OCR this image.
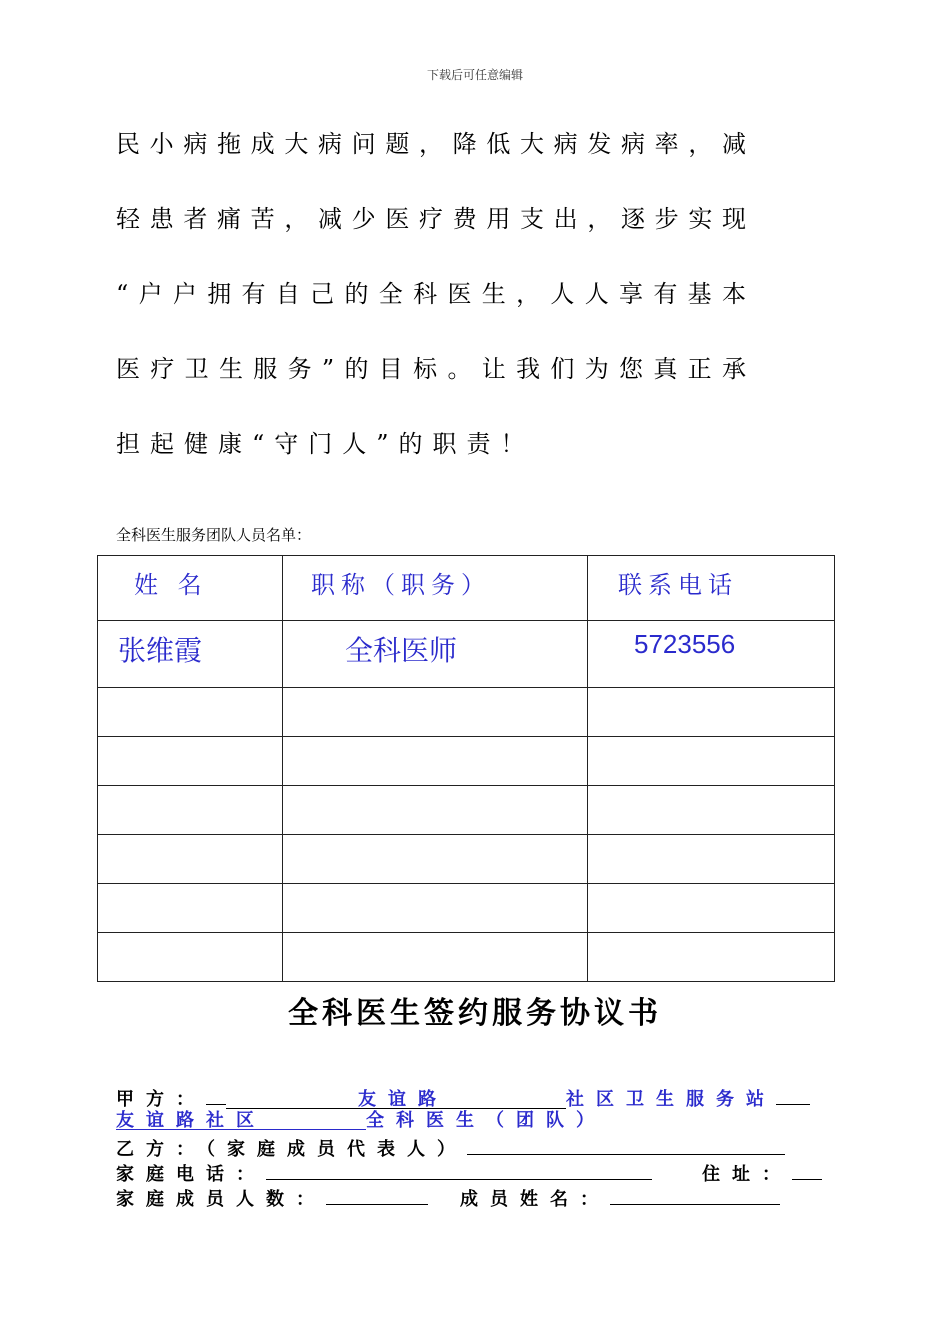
下载后可任意编辑
民小病拖成大病问题，降低大病发病率，减
轻患者痛苦，减少医疗费用支出，逐步实现
“户户拥有自己的全科医生，人人享有基本
医疗卫生服务”的目标。让我们为您真正承
担起健康“守门人”的职责！
全科医生服务团队人员名单：
姓 名	职称（职务）	联系电话

张维霞	全科医师	5723556

全科医生签约服务协议书
甲方：	友谊路	社区卫生服务站
友谊路社区	全科医生（团队）
乙方：（家庭成员代表人）
家庭电话：	住址：
家庭成员人数：	成员姓名：
